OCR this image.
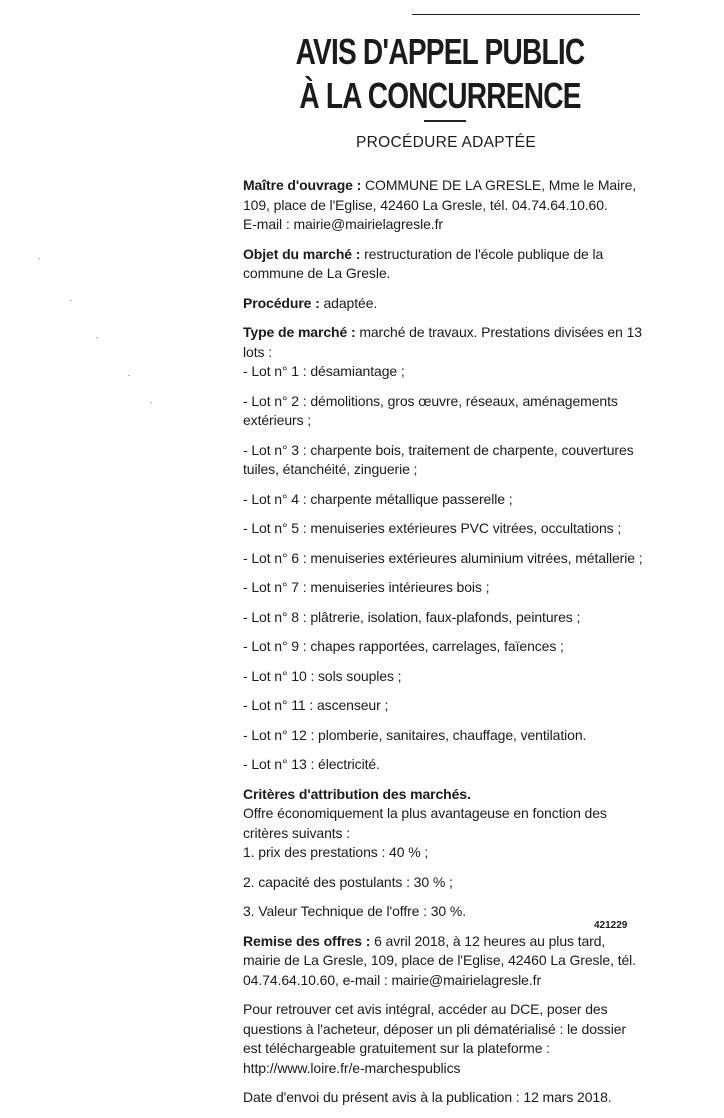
AVIS D'APPEL PUBLIC
À LA CONCURRENCE

PROCÉDURE ADAPTÉE

Maître d'ouvrage : COMMUNE DE LA GRESLE, Mme le Maire, 109, place de l'Eglise, 42460 La Gresle, tél. 04.74.64.10.60.

E-mail : mairie@mairielagresle.fr

Objet du marché : restructuration de l'école publique de la commune de La Gresle.

Procédure : adaptée.

Type de marché : marché de travaux. Prestations divisées en 13 lots :

- Lot n° 1 : désamiantage ;

- Lot n° 2 : démolitions, gros œuvre, réseaux, aménagements extérieurs ;

- Lot n° 3 : charpente bois, traitement de charpente, couvertures tuiles, étanchéité, zinguerie ;

- Lot n° 4 : charpente métallique passerelle ;

- Lot n° 5 : menuiseries extérieures PVC vitrées, occultations ;

- Lot n° 6 : menuiseries extérieures aluminium vitrées, métallerie ;

- Lot n° 7 : menuiseries intérieures bois ;

- Lot n° 8 : plâtrerie, isolation, faux-plafonds, peintures ;

- Lot n° 9 : chapes rapportées, carrelages, faïences ;

- Lot n° 10 : sols souples ;

- Lot n° 11 : ascenseur ;

- Lot n° 12 : plomberie, sanitaires, chauffage, ventilation.

- Lot n° 13 : électricité.

Critères d'attribution des marchés.

Offre économiquement la plus avantageuse en fonction des critères suivants :

1. prix des prestations : 40 % ;

2. capacité des postulants : 30 % ;

3. Valeur Technique de l'offre : 30 %.

Remise des offres : 6 avril 2018, à 12 heures au plus tard, mairie de La Gresle, 109, place de l'Eglise, 42460 La Gresle, tél. 04.74.64.10.60, e-mail : mairie@mairielagresle.fr

Pour retrouver cet avis intégral, accéder au DCE, poser des questions à l'acheteur, déposer un pli dématérialisé : le dossier est téléchargeable gratuitement sur la plateforme : http://www.loire.fr/e-marchespublics

Date d'envoi du présent avis à la publication : 12 mars 2018.

421229
